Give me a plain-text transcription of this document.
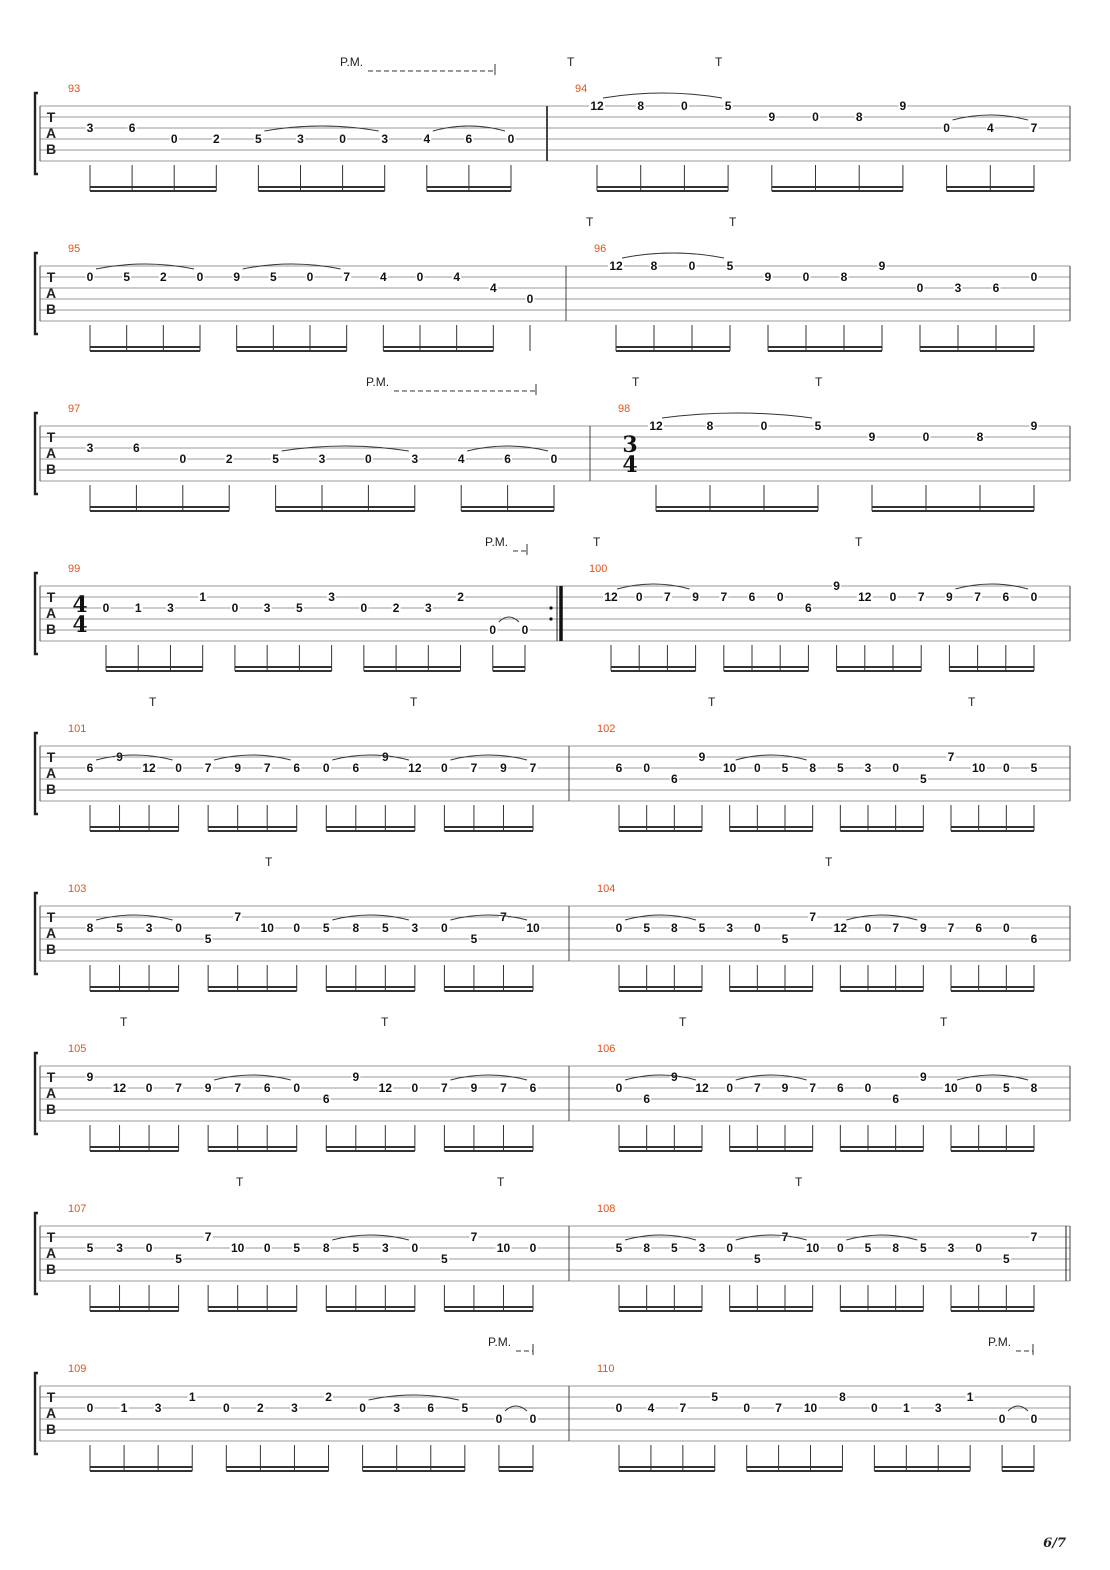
T
A
B
93
3	6
0	2	5	3	0	3	4	6	0
94
12	8	0	5
9	0	8
9
0	4	7
P.M.	T	T
T
A
B
95
0 5 2 0 9 5 0 7 4 0 4
4
0
96
12 8	0	5
9	0	8
9
0	3	6
0
T	T
T
A
B
97
3	6
0	2	5	3	0	3	4	6	0
98
3
4
12	8	0	5
9	0	8
9
P.M.	T	T
T
A
B
99
4
4
0 1 3
1
0 3 5
3
0 2 3
2
0 0
100
12 0 7 9 7 6 0
6
9
12 0 7 9 7 6 0
P.M.	T	T
T
A
B
101
6
9
12 0 7 9 7 6 0 6
9
12 0 7 9 7
102
6 0
6
9
10 0 5 8 5 3 0
5
7
10 0 5
T	T	T	T
T
A
B
103
8 5 3 0
5
7
10 0 5 8 5 3 0
5
7
10
104
0 5 8 5 3 0
5
7
12 0 7 9 7 6 0
6
T	T
T
A
B
105
9
12 0 7 9 7 6 0
6
9
12 0 7 9 7 6
106
0
6
9
12 0 7 9 7 6 0
6
9
10 0 5 8
T	T	T	T
T
A
B
107
5 3 0
5
7
10 0 5 8 5 3 0
5
7
10 0
108
5 8 5 3 0
5
7
10 0 5 8 5 3 0
5
7
T	T	T
T
A
B
109
0 1 3
1
0 2 3
2
0 3 6 5
0 0
110
0 4 7
5
0 7 10
8
0 1 3
1
0 0
P.M.	P.M.
6/7
